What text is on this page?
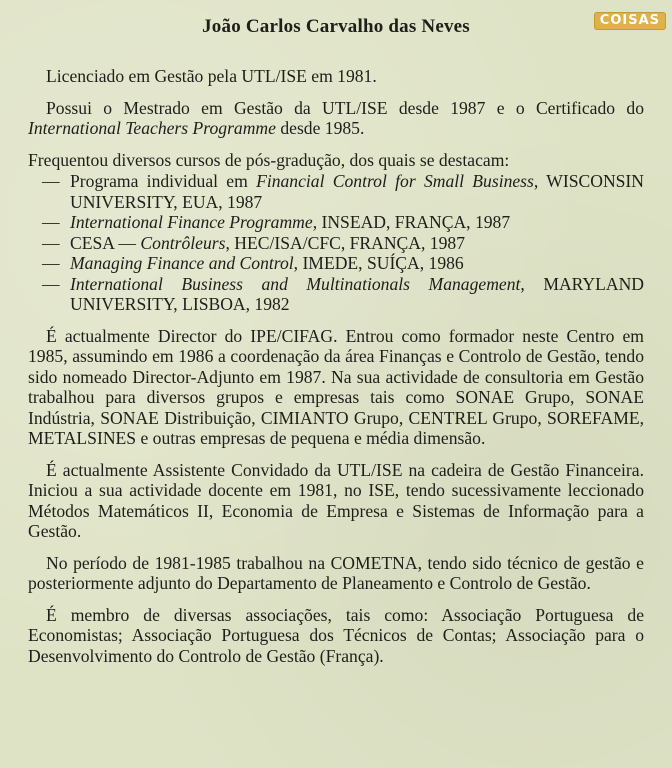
COISAS
João Carlos Carvalho das Neves

Licenciado em Gestão pela UTL/ISE em 1981.

Possui o Mestrado em Gestão da UTL/ISE desde 1987 e o Certificado do International Teachers Programme desde 1985.

Frequentou diversos cursos de pós-gradução, dos quais se destacam:

— Programa individual em Financial Control for Small Business, WISCONSIN UNIVERSITY, EUA, 1987
— International Finance Programme, INSEAD, FRANÇA, 1987
— CESA — Contrôleurs, HEC/ISA/CFC, FRANÇA, 1987
— Managing Finance and Control, IMEDE, SUÍÇA, 1986
— International Business and Multinationals Management, MARYLAND UNIVERSITY, LISBOA, 1982

É actualmente Director do IPE/CIFAG. Entrou como formador neste Centro em 1985, assumindo em 1986 a coordenação da área Finanças e Controlo de Gestão, tendo sido nomeado Director-Adjunto em 1987. Na sua actividade de consultoria em Gestão trabalhou para diversos grupos e empresas tais como SONAE Grupo, SONAE Indústria, SONAE Distribuição, CIMIANTO Grupo, CENTREL Grupo, SOREFAME, METALSINES e outras empresas de pequena e média dimensão.

É actualmente Assistente Convidado da UTL/ISE na cadeira de Gestão Financeira. Iniciou a sua actividade docente em 1981, no ISE, tendo sucessivamente leccionado Métodos Matemáticos II, Economia de Empresa e Sistemas de Informação para a Gestão.

No período de 1981-1985 trabalhou na COMETNA, tendo sido técnico de gestão e posteriormente adjunto do Departamento de Planeamento e Controlo de Gestão.

É membro de diversas associações, tais como: Associação Portuguesa de Economistas; Associação Portuguesa dos Técnicos de Contas; Associação para o Desenvolvimento do Controlo de Gestão (França).
